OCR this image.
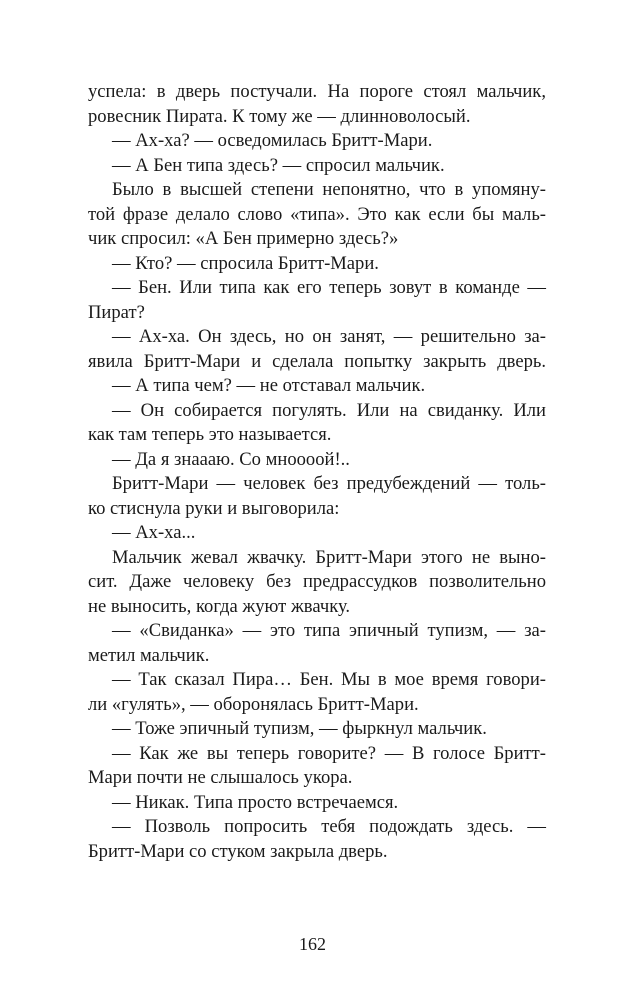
успела: в дверь постучали. На пороге стоял мальчик,
ровесник Пирата. К тому же — длинноволосый.
— Ах-ха? — осведомилась Бритт-Мари.
— А Бен типа здесь? — спросил мальчик.
Было в высшей степени непонятно, что в упомяну-
той фразе делало слово «типа». Это как если бы маль-
чик спросил: «А Бен примерно здесь?»
— Кто? — спросила Бритт-Мари.
— Бен. Или типа как его теперь зовут в команде —
Пират?
— Ах-ха. Он здесь, но он занят, — решительно за-
явила Бритт-Мари и сделала попытку закрыть дверь.
— А типа чем? — не отставал мальчик.
— Он собирается погулять. Или на свиданку. Или
как там теперь это называется.
— Да я знаааю. Со мноооой!..
Бритт-Мари — человек без предубеждений — толь-
ко стиснула руки и выговорила:
— Ах-ха...
Мальчик жевал жвачку. Бритт-Мари этого не выно-
сит. Даже человеку без предрассудков позволительно
не выносить, когда жуют жвачку.
— «Свиданка» — это типа эпичный тупизм, — за-
метил мальчик.
— Так сказал Пира… Бен. Мы в мое время говори-
ли «гулять», — оборонялась Бритт-Мари.
— Тоже эпичный тупизм, — фыркнул мальчик.
— Как же вы теперь говорите? — В голосе Бритт-
Мари почти не слышалось укора.
— Никак. Типа просто встречаемся.
— Позволь попросить тебя подождать здесь. —
Бритт-Мари со стуком закрыла дверь.
162
